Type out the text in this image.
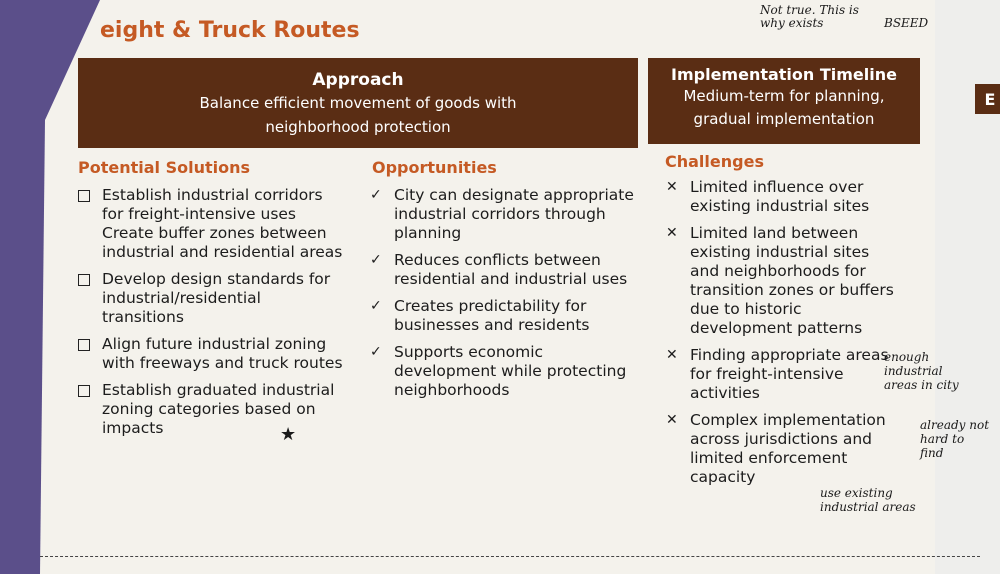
E
eight & Truck Routes
Approach
Balance efficient movement of goods with
neighborhood protection
Implementation Timeline
Medium-term for planning,
gradual implementation
Potential Solutions
Establish industrial corridors for freight-intensive uses Create buffer zones between industrial and residential areas
Develop design standards for industrial/residential transitions
Align future industrial zoning with freeways and truck routes
Establish graduated industrial zoning categories based on impacts
Opportunities
✓ City can designate appropriate industrial corridors through planning
✓ Reduces conflicts between residential and industrial uses
✓ Creates predictability for businesses and residents
✓ Supports economic development while protecting neighborhoods
Challenges
✕ Limited influence over existing industrial sites
✕ Limited land between existing industrial sites and neighborhoods for transition zones or buffers due to historic development patterns
✕ Finding appropriate areas for freight-intensive activities
✕ Complex implementation across jurisdictions and limited enforcement capacity
Not true. This is why exists	BSEED
enough industrial areas in city
already not hard to find
use existing industrial areas
★
